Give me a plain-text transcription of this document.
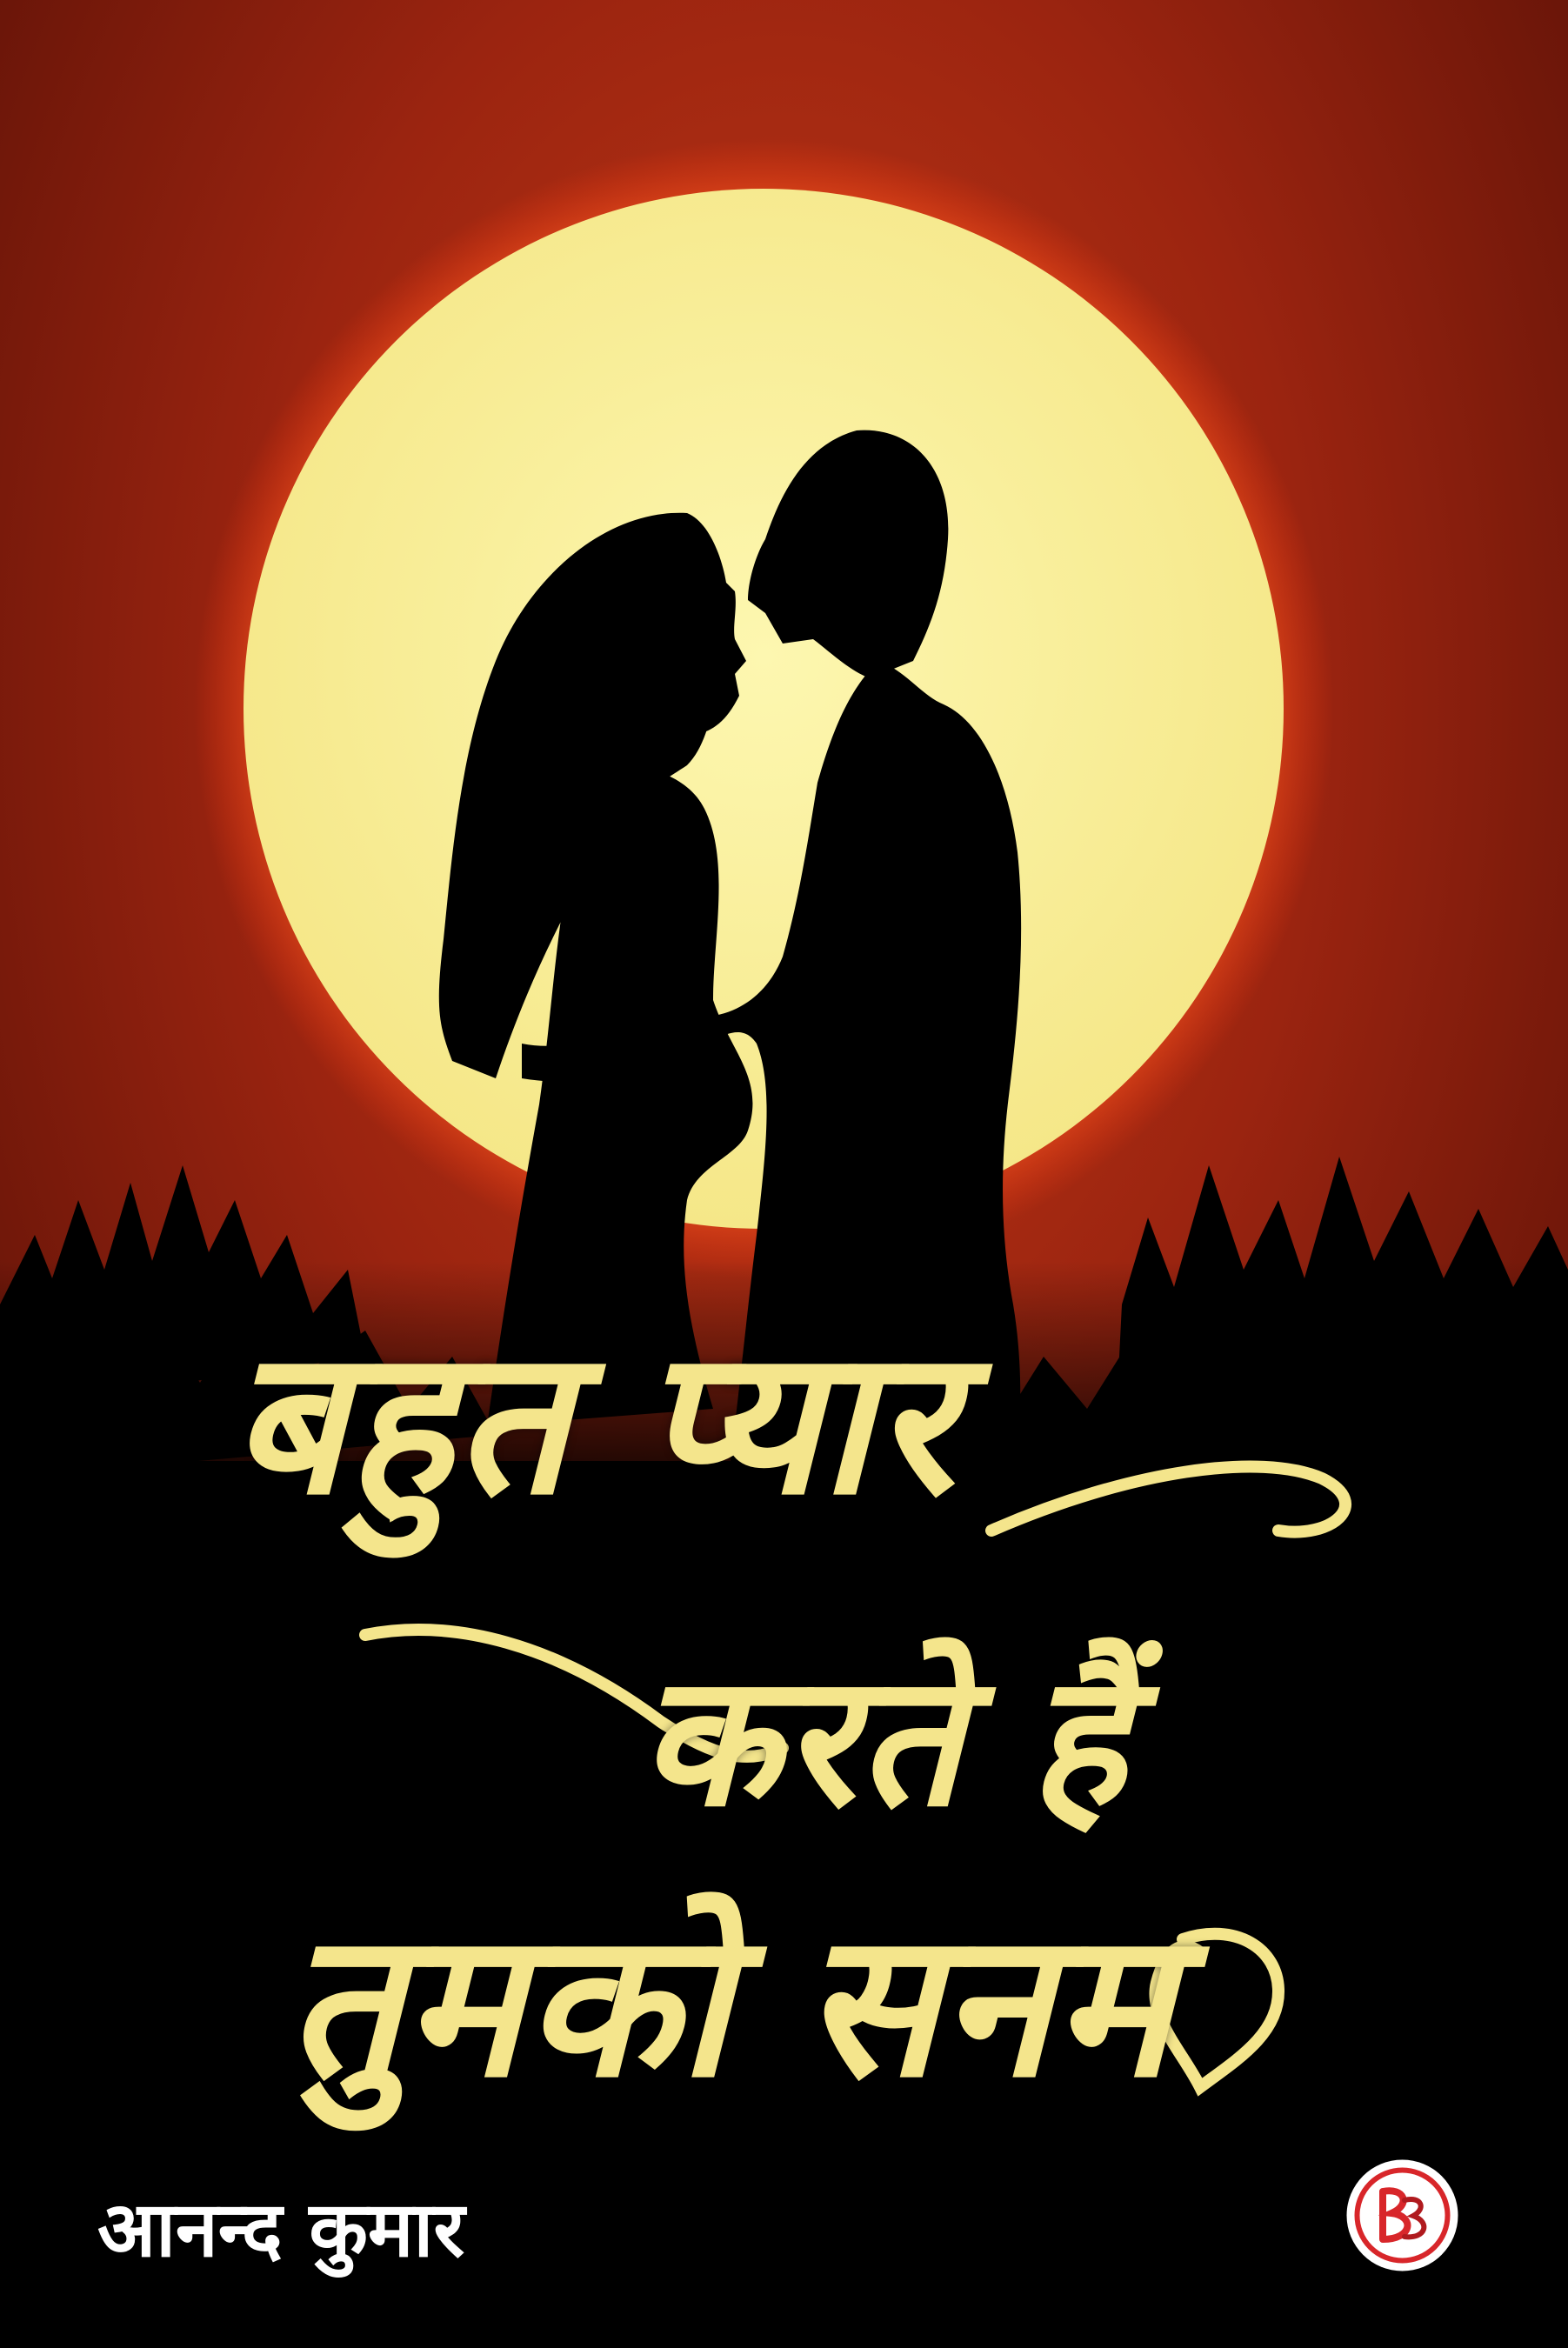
बहुत प्यार
करते हैं
तुमको सनम
आनन्द कुमार
